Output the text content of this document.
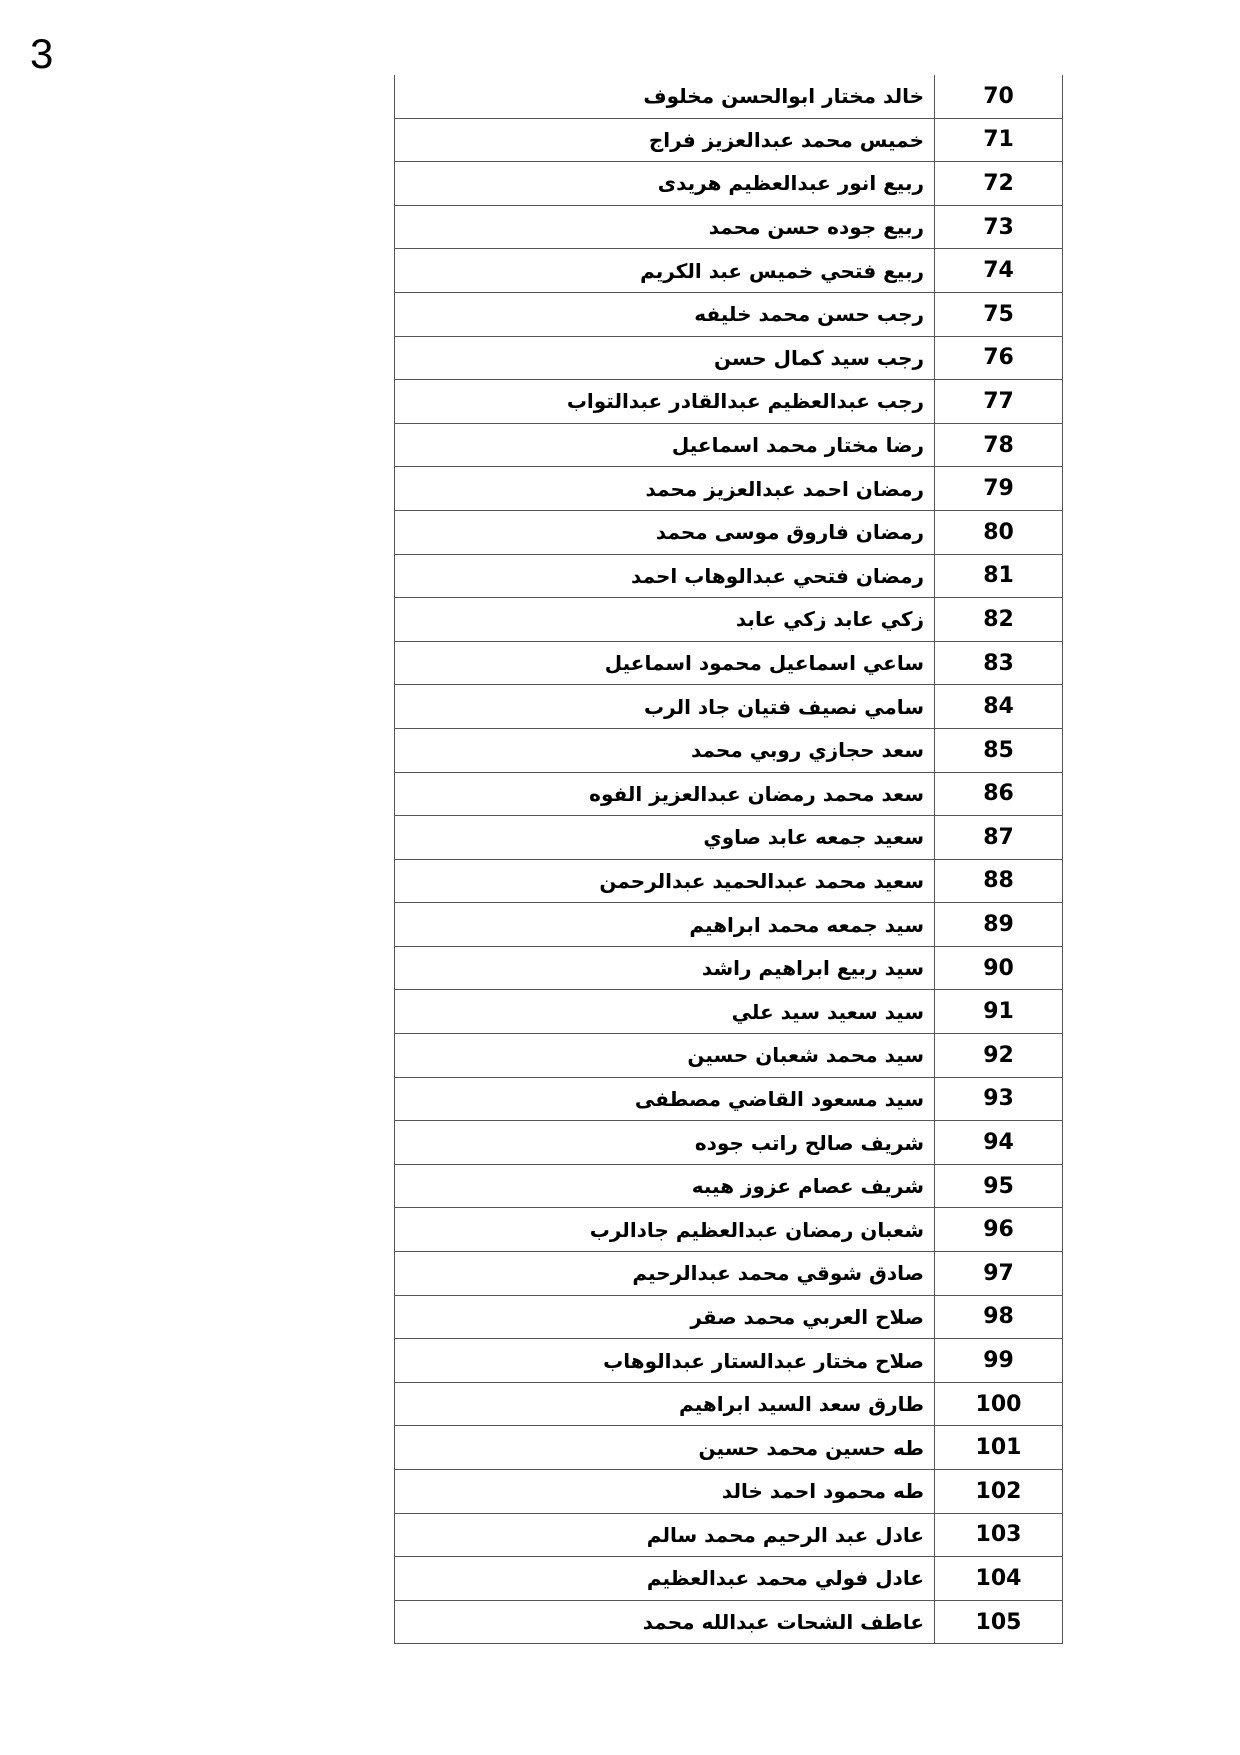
3
خالد مختار ابوالحسن مخلوف	70
خميس محمد عبدالعزيز فراج	71
ربيع انور عبدالعظيم هريدى	72
ربيع جوده حسن محمد	73
ربيع فتحي خميس عبد الكريم	74
رجب حسن محمد خليفه	75
رجب سيد كمال حسن	76
رجب عبدالعظيم عبدالقادر عبدالتواب	77
رضا مختار محمد اسماعيل	78
رمضان احمد عبدالعزيز محمد	79
رمضان فاروق موسى محمد	80
رمضان فتحي عبدالوهاب احمد	81
زكي عابد زكي عابد	82
ساعي اسماعيل محمود اسماعيل	83
سامي نصيف فتيان جاد الرب	84
سعد حجازي روبي محمد	85
سعد محمد رمضان عبدالعزيز الفوه	86
سعيد جمعه عابد صاوي	87
سعيد محمد عبدالحميد عبدالرحمن	88
سيد جمعه محمد ابراهيم	89
سيد ربيع ابراهيم راشد	90
سيد سعيد سيد علي	91
سيد محمد شعبان حسين	92
سيد مسعود القاضي مصطفى	93
شريف صالح راتب جوده	94
شريف عصام عزوز هيبه	95
شعبان رمضان عبدالعظيم جادالرب	96
صادق شوقي محمد عبدالرحيم	97
صلاح العربي محمد صقر	98
صلاح مختار عبدالستار عبدالوهاب	99
طارق سعد السيد ابراهيم	100
طه حسين محمد حسين	101
طه محمود احمد خالد	102
عادل عبد الرحيم محمد سالم	103
عادل فولي محمد عبدالعظيم	104
عاطف الشحات عبدالله محمد	105
